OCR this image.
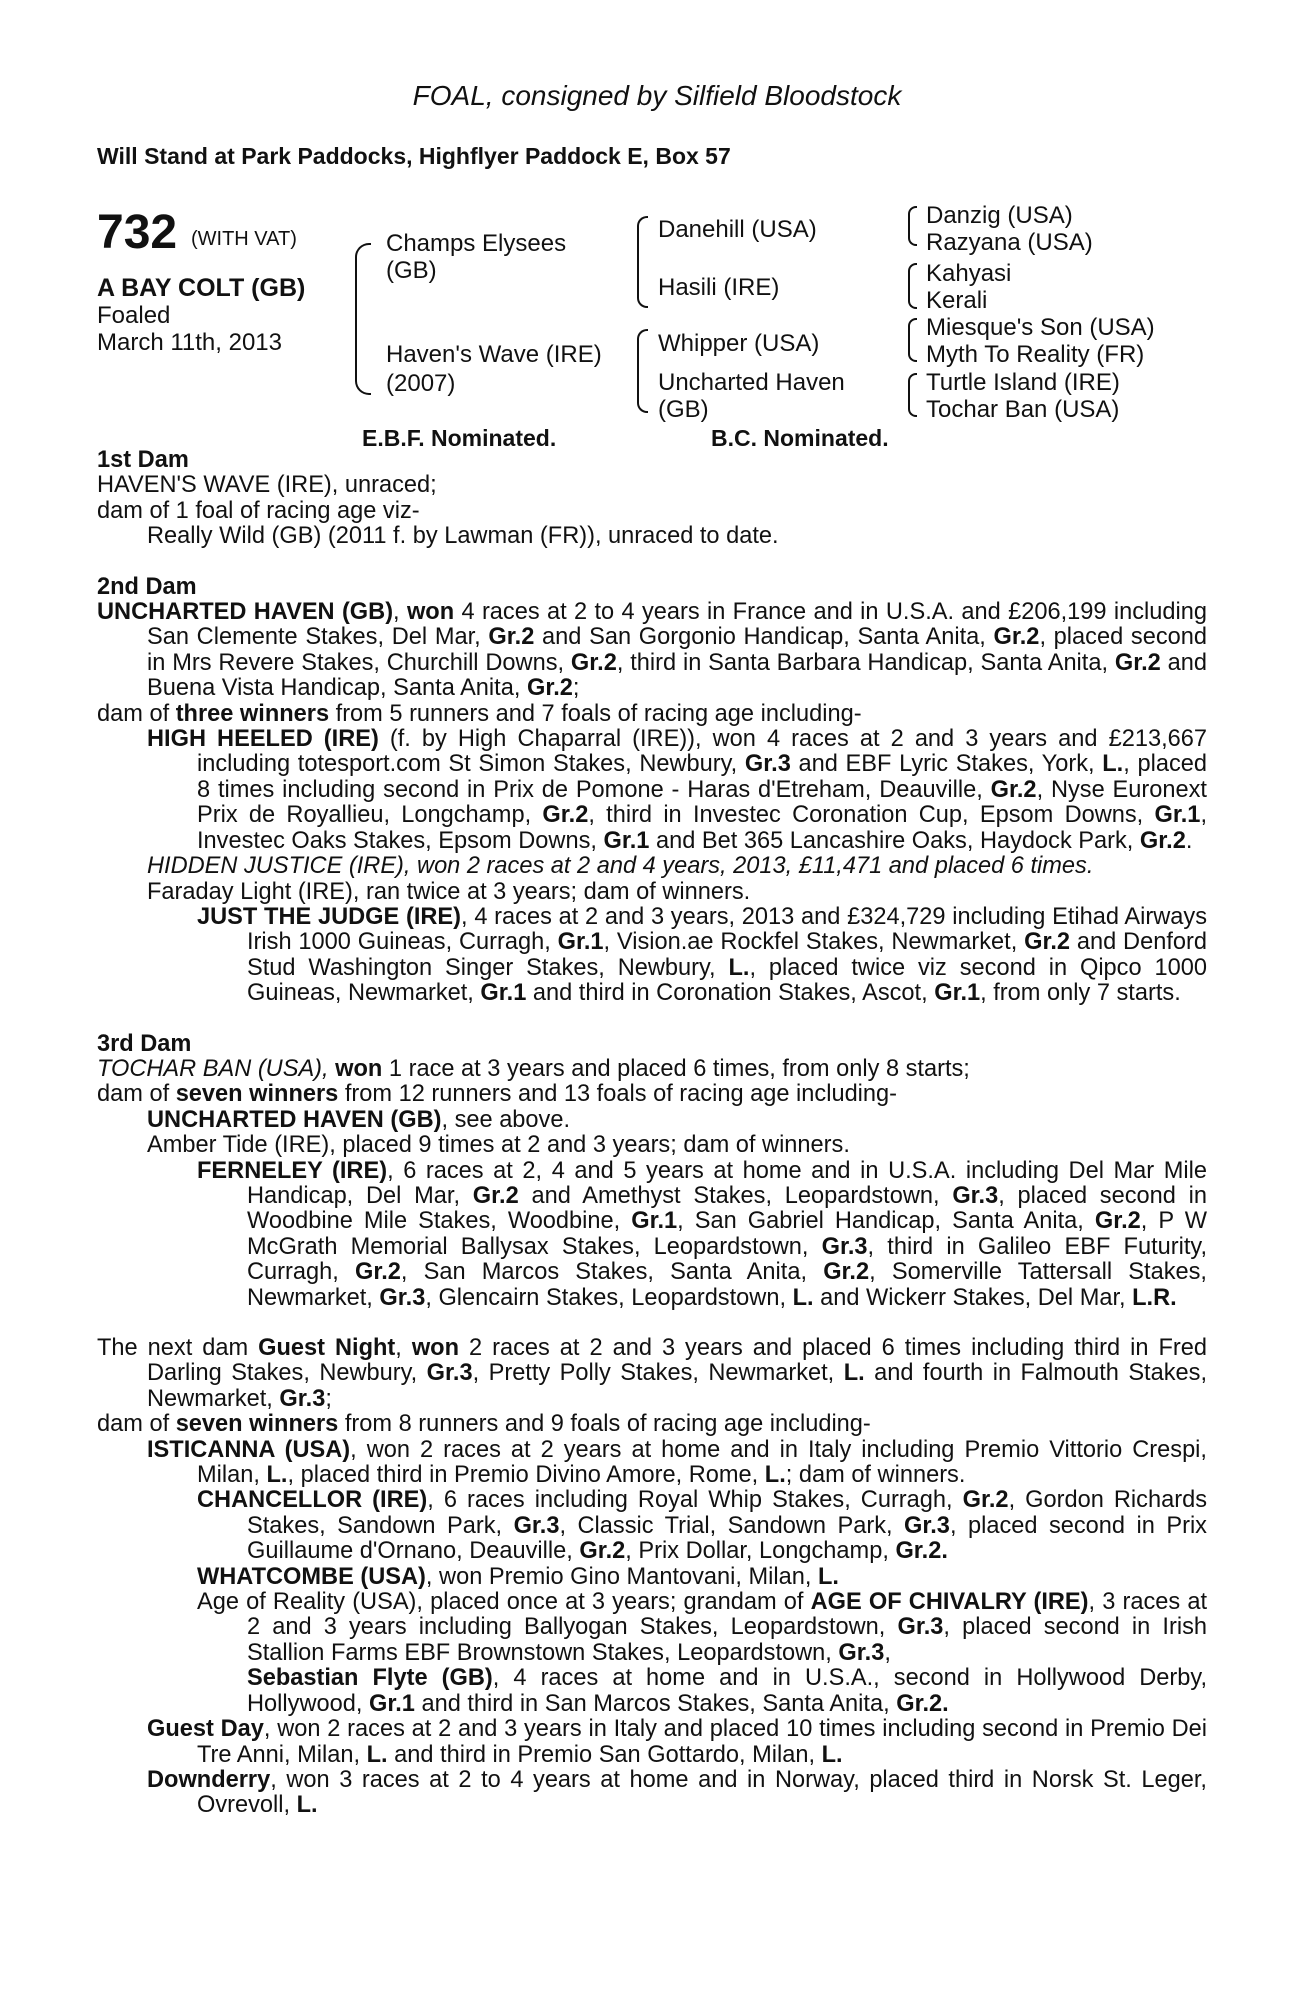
FOAL, consigned by Silfield Bloodstock
Will Stand at Park Paddocks, Highflyer Paddock E, Box 57
732 (WITH VAT)
A BAY COLT (GB)
Foaled
March 11th, 2013
Champs Elysees
(GB)
Haven's Wave (IRE)
(2007)
Danehill (USA)
Hasili (IRE)
Whipper (USA)
Uncharted Haven
(GB)
Danzig (USA)
Razyana (USA)
Kahyasi
Kerali
Miesque's Son (USA)
Myth To Reality (FR)
Turtle Island (IRE)
Tochar Ban (USA)
E.B.F. Nominated.	B.C. Nominated.

1st Dam

HAVEN'S WAVE (IRE), unraced;

dam of 1 foal of racing age viz-

Really Wild (GB) (2011 f. by Lawman (FR)), unraced to date.

2nd Dam

UNCHARTED HAVEN (GB), won 4 races at 2 to 4 years in France and in U.S.A. and £206,199 including San Clemente Stakes, Del Mar, Gr.2 and San Gorgonio Handicap, Santa Anita, Gr.2, placed second in Mrs Revere Stakes, Churchill Downs, Gr.2, third in Santa Barbara Handicap, Santa Anita, Gr.2 and Buena Vista Handicap, Santa Anita, Gr.2;

dam of three winners from 5 runners and 7 foals of racing age including-

HIGH HEELED (IRE) (f. by High Chaparral (IRE)), won 4 races at 2 and 3 years and £213,667 including totesport.com St Simon Stakes, Newbury, Gr.3 and EBF Lyric Stakes, York, L., placed 8 times including second in Prix de Pomone - Haras d'Etreham, Deauville, Gr.2, Nyse Euronext Prix de Royallieu, Longchamp, Gr.2, third in Investec Coronation Cup, Epsom Downs, Gr.1, Investec Oaks Stakes, Epsom Downs, Gr.1 and Bet 365 Lancashire Oaks, Haydock Park, Gr.2.

HIDDEN JUSTICE (IRE), won 2 races at 2 and 4 years, 2013, £11,471 and placed 6 times.

Faraday Light (IRE), ran twice at 3 years; dam of winners.

JUST THE JUDGE (IRE), 4 races at 2 and 3 years, 2013 and £324,729 including Etihad Airways Irish 1000 Guineas, Curragh, Gr.1, Vision.ae Rockfel Stakes, Newmarket, Gr.2 and Denford Stud Washington Singer Stakes, Newbury, L., placed twice viz second in Qipco 1000 Guineas, Newmarket, Gr.1 and third in Coronation Stakes, Ascot, Gr.1, from only 7 starts.

3rd Dam

TOCHAR BAN (USA), won 1 race at 3 years and placed 6 times, from only 8 starts;

dam of seven winners from 12 runners and 13 foals of racing age including-

UNCHARTED HAVEN (GB), see above.

Amber Tide (IRE), placed 9 times at 2 and 3 years; dam of winners.

FERNELEY (IRE), 6 races at 2, 4 and 5 years at home and in U.S.A. including Del Mar Mile Handicap, Del Mar, Gr.2 and Amethyst Stakes, Leopardstown, Gr.3, placed second in Woodbine Mile Stakes, Woodbine, Gr.1, San Gabriel Handicap, Santa Anita, Gr.2, P W McGrath Memorial Ballysax Stakes, Leopardstown, Gr.3, third in Galileo EBF Futurity, Curragh, Gr.2, San Marcos Stakes, Santa Anita, Gr.2, Somerville Tattersall Stakes, Newmarket, Gr.3, Glencairn Stakes, Leopardstown, L. and Wickerr Stakes, Del Mar, L.R.

The next dam Guest Night, won 2 races at 2 and 3 years and placed 6 times including third in Fred Darling Stakes, Newbury, Gr.3, Pretty Polly Stakes, Newmarket, L. and fourth in Falmouth Stakes, Newmarket, Gr.3;

dam of seven winners from 8 runners and 9 foals of racing age including-

ISTICANNA (USA), won 2 races at 2 years at home and in Italy including Premio Vittorio Crespi, Milan, L., placed third in Premio Divino Amore, Rome, L.; dam of winners.

CHANCELLOR (IRE), 6 races including Royal Whip Stakes, Curragh, Gr.2, Gordon Richards Stakes, Sandown Park, Gr.3, Classic Trial, Sandown Park, Gr.3, placed second in Prix Guillaume d'Ornano, Deauville, Gr.2, Prix Dollar, Longchamp, Gr.2.

WHATCOMBE (USA), won Premio Gino Mantovani, Milan, L.

Age of Reality (USA), placed once at 3 years; grandam of AGE OF CHIVALRY (IRE), 3 races at 2 and 3 years including Ballyogan Stakes, Leopardstown, Gr.3, placed second in Irish Stallion Farms EBF Brownstown Stakes, Leopardstown, Gr.3,
Sebastian Flyte (GB), 4 races at home and in U.S.A., second in Hollywood Derby, Hollywood, Gr.1 and third in San Marcos Stakes, Santa Anita, Gr.2.

Guest Day, won 2 races at 2 and 3 years in Italy and placed 10 times including second in Premio Dei Tre Anni, Milan, L. and third in Premio San Gottardo, Milan, L.

Downderry, won 3 races at 2 to 4 years at home and in Norway, placed third in Norsk St. Leger, Ovrevoll, L.
